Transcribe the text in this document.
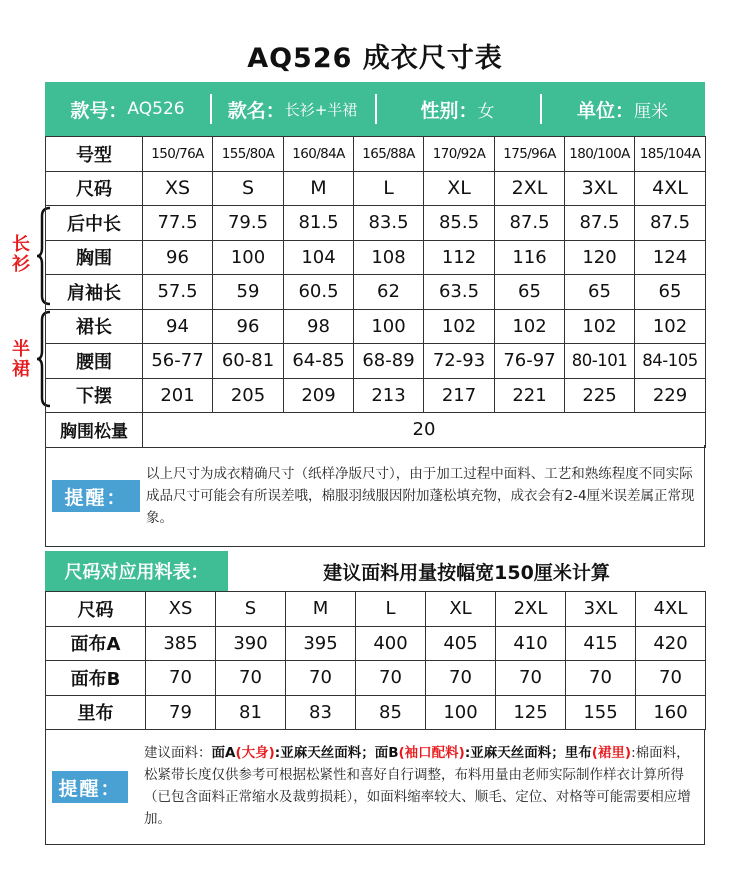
AQ526 成衣尺寸表
款号： AQ526 款名： 长衫+半裙	性别： 女	单位： 厘米
长衫
半裙
号型	150/76A	155/80A	160/84A	165/88A	170/92A	175/96A	180/100A	185/104A
尺码	XS	S	M	L	XL	2XL	3XL	4XL
后中长	77.5	79.5	81.5	83.5	85.5	87.5	87.5	87.5
胸围	96	100	104	108	112	116	120	124
肩袖长	57.5	59	60.5	62	63.5	65	65	65
裙长	94	96	98	100	102	102	102	102
腰围	56-77	60-81	64-85	68-89	72-93	76-97	80-101	84-105
下摆	201	205	209	213	217	221	225	229
胸围松量	20							
提醒：
以上尺寸为成衣精确尺寸（纸样净版尺寸），由于加工过程中面料、工艺和熟练程度不同实际成品尺寸可能会有所误差哦，棉服羽绒服因附加蓬松填充物，成衣会有2-4厘米误差属正常现象。
尺码对应用料表：	建议面料用量按幅宽150厘米计算
尺码	XS	S	M	L	XL	2XL	3XL	4XL
面布A	385	390	395	400	405	410	415	420
面布B	70	70	70	70	70	70	70	70
里布	79	81	83	85	100	125	155	160
提醒：
建议面料：面A(大身):亚麻天丝面料；面B(袖口配料):亚麻天丝面料；里布(裙里):棉面料，松紧带长度仅供参考可根据松紧性和喜好自行调整，布料用量由老师实际制作样衣计算所得（已包含面料正常缩水及裁剪损耗），如面料缩率较大、顺毛、定位、对格等可能需要相应增加。
